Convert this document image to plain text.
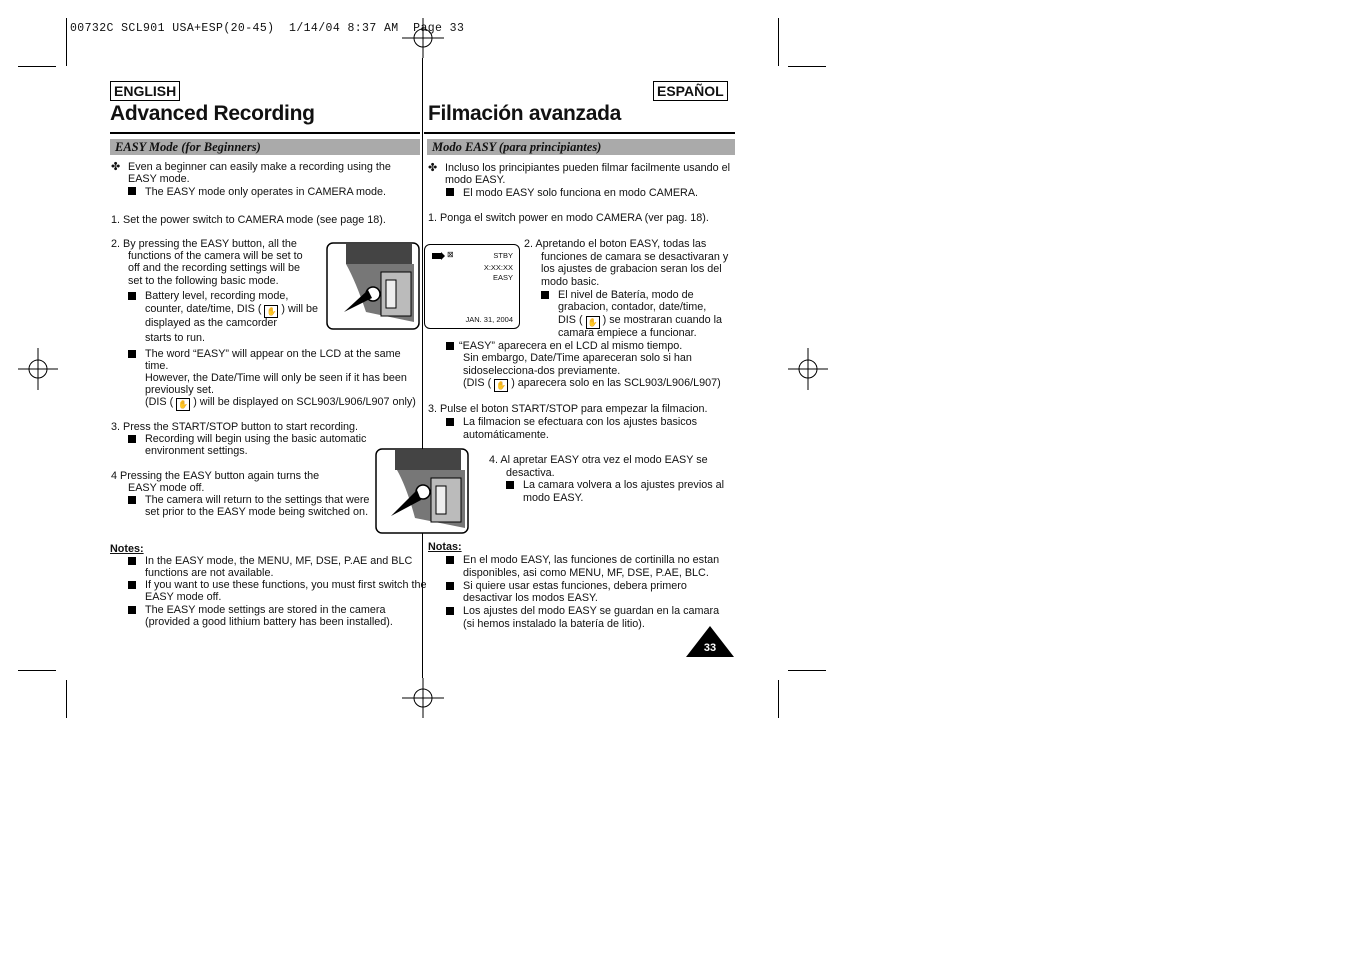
00732C SCL901 USA+ESP(20-45)  1/14/04 8:37 AM  Page 33
ENGLISH
Advanced Recording
EASY Mode (for Beginners)
✤ Even a beginner can easily make a recording using the EASY mode.
The EASY mode only operates in CAMERA mode.
1. Set the power switch to CAMERA mode (see page 18).
2. By pressing the EASY button, all the
functions of the camera will be set to
off and the recording settings will be
set to the following basic mode.
Battery level, recording mode,
counter, date/time, DIS ( ✋ ) will be
displayed as the camcorder
starts to run.
The word “EASY” will appear on the LCD at the same
time.
However, the Date/Time will only be seen if it has been
previously set.
(DIS ( ✋ ) will be displayed on SCL903/L906/L907 only)
3. Press the START/STOP button to start recording.
Recording will begin using the basic automatic
environment settings.
4 Pressing the EASY button again turns the
EASY mode off.
The camera will return to the settings that were
set prior to the EASY mode being switched on.
Notes:
In the EASY mode, the MENU, MF, DSE, P.AE and BLC
functions are not available.
If you want to use these functions, you must first switch the
EASY mode off.
The EASY mode settings are stored in the camera
(provided a good lithium battery has been installed).
ESPAÑOL
Filmación avanzada
Modo EASY (para principiantes)
✤ Incluso los principiantes pueden filmar facilmente usando el
modo EASY.
El modo EASY solo funciona en modo CAMERA.
1. Ponga el switch power en modo CAMERA (ver pag. 18).
⊠	STBY
X:XX:XX
EASY
JAN. 31, 2004
2. Apretando el boton EASY, todas las
funciones de camara se desactivaran y
los ajustes de grabacion seran los del
modo basic.
El nivel de Batería, modo de
grabacion, contador, date/time,
DIS ( ✋ ) se mostraran cuando la
camara empiece a funcionar.
“EASY” aparecera en el LCD al mismo tiempo.
Sin embargo, Date/Time apareceran solo si han
sidoselecciona-dos previamente.
(DIS ( ✋ ) aparecera solo en las SCL903/L906/L907)
3. Pulse el boton START/STOP para empezar la filmacion.
La filmacion se efectuara con los ajustes basicos
automáticamente.
4. Al apretar EASY otra vez el modo EASY se
desactiva.
La camara volvera a los ajustes previos al
modo EASY.
Notas:
En el modo EASY, las funciones de cortinilla no estan
disponibles, asi como MENU, MF, DSE, P.AE, BLC.
Si quiere usar estas funciones, debera primero
desactivar los modos EASY.
Los ajustes del modo EASY se guardan en la camara
(si hemos instalado la batería de litio).
33
